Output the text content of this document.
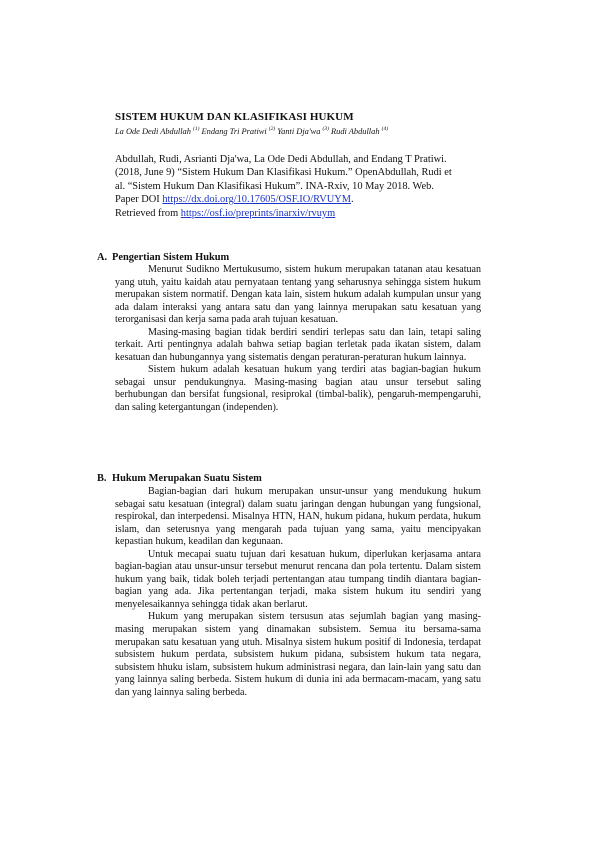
SISTEM HUKUM DAN KLASIFIKASI HUKUM
La Ode Dedi Abdullah $^{(1)}$ Endang Tri Pratiwi $^{(2)}$ Yanti Dja'wa $^{(3)}$ Rudi Abdullah $^{(4)}$

Abdullah, Rudi, Asrianti Dja'wa, La Ode Dedi Abdullah, and Endang T Pratiwi.
(2018, June 9) “Sistem Hukum Dan Klasifikasi Hukum.” OpenAbdullah, Rudi et
al. “Sistem Hukum Dan Klasifikasi Hukum”. INA-Rxiv, 10 May 2018. Web.
Paper DOI https://dx.doi.org/10.17605/OSF.IO/RVUYM.
Retrieved from https://osf.io/preprints/inarxiv/rvuym

A. Pengertian Sistem Hukum

Menurut Sudikno Mertukusumo, sistem hukum merupakan tatanan atau kesatuan yang utuh, yaitu kaidah atau pernyataan tentang yang seharusnya sehingga sistem hukum merupakan sistem normatif. Dengan kata lain, sistem hukum adalah kumpulan unsur yang ada dalam interaksi yang antara satu dan yang lainnya merupakan satu kesatuan yang terorganisasi dan kerja sama pada arah tujuan kesatuan.

Masing-masing bagian tidak berdiri sendiri terlepas satu dan lain, tetapi saling terkait. Arti pentingnya adalah bahwa setiap bagian terletak pada ikatan sistem, dalam kesatuan dan hubungannya yang sistematis dengan peraturan-peraturan hukum lainnya.

Sistem hukum adalah kesatuan hukum yang terdiri atas bagian-bagian hukum sebagai unsur pendukungnya. Masing-masing bagian atau unsur tersebut saling berhubungan dan bersifat fungsional, resiprokal (timbal-balik), pengaruh-mempengaruhi, dan saling ketergantungan (independen).

B. Hukum Merupakan Suatu Sistem

Bagian-bagian dari hukum merupakan unsur-unsur yang mendukung hukum sebagai satu kesatuan (integral) dalam suatu jaringan dengan hubungan yang fungsional, respirokal, dan interpedensi. Misalnya HTN, HAN, hukum pidana, hukum perdata, hukum islam, dan seterusnya yang mengarah pada tujuan yang sama, yaitu mencipyakan kepastian hukum, keadilan dan kegunaan.

Untuk mecapai suatu tujuan dari kesatuan hukum, diperlukan kerjasama antara bagian-bagian atau unsur-unsur tersebut menurut rencana dan pola tertentu. Dalam sistem hukum yang baik, tidak boleh terjadi pertentangan atau tumpang tindih diantara bagian-bagian yang ada. Jika pertentangan terjadi, maka sistem hukum itu sendiri yang menyelesaikannya sehingga tidak akan berlarut.

Hukum yang merupakan sistem tersusun atas sejumlah bagian yang masing-masing merupakan sistem yang dinamakan subsistem. Semua itu bersama-sama merupakan satu kesatuan yang utuh. Misalnya sistem hukum positif di Indonesia, terdapat subsistem hukum perdata, subsistem hukum pidana, subsistem hukum tata negara, subsistem hhuku islam, subsistem hukum administrasi negara, dan lain-lain yang satu dan yang lainnya saling berbeda. Sistem hukum di dunia ini ada bermacam-macam, yang satu dan yang lainnya saling berbeda.
